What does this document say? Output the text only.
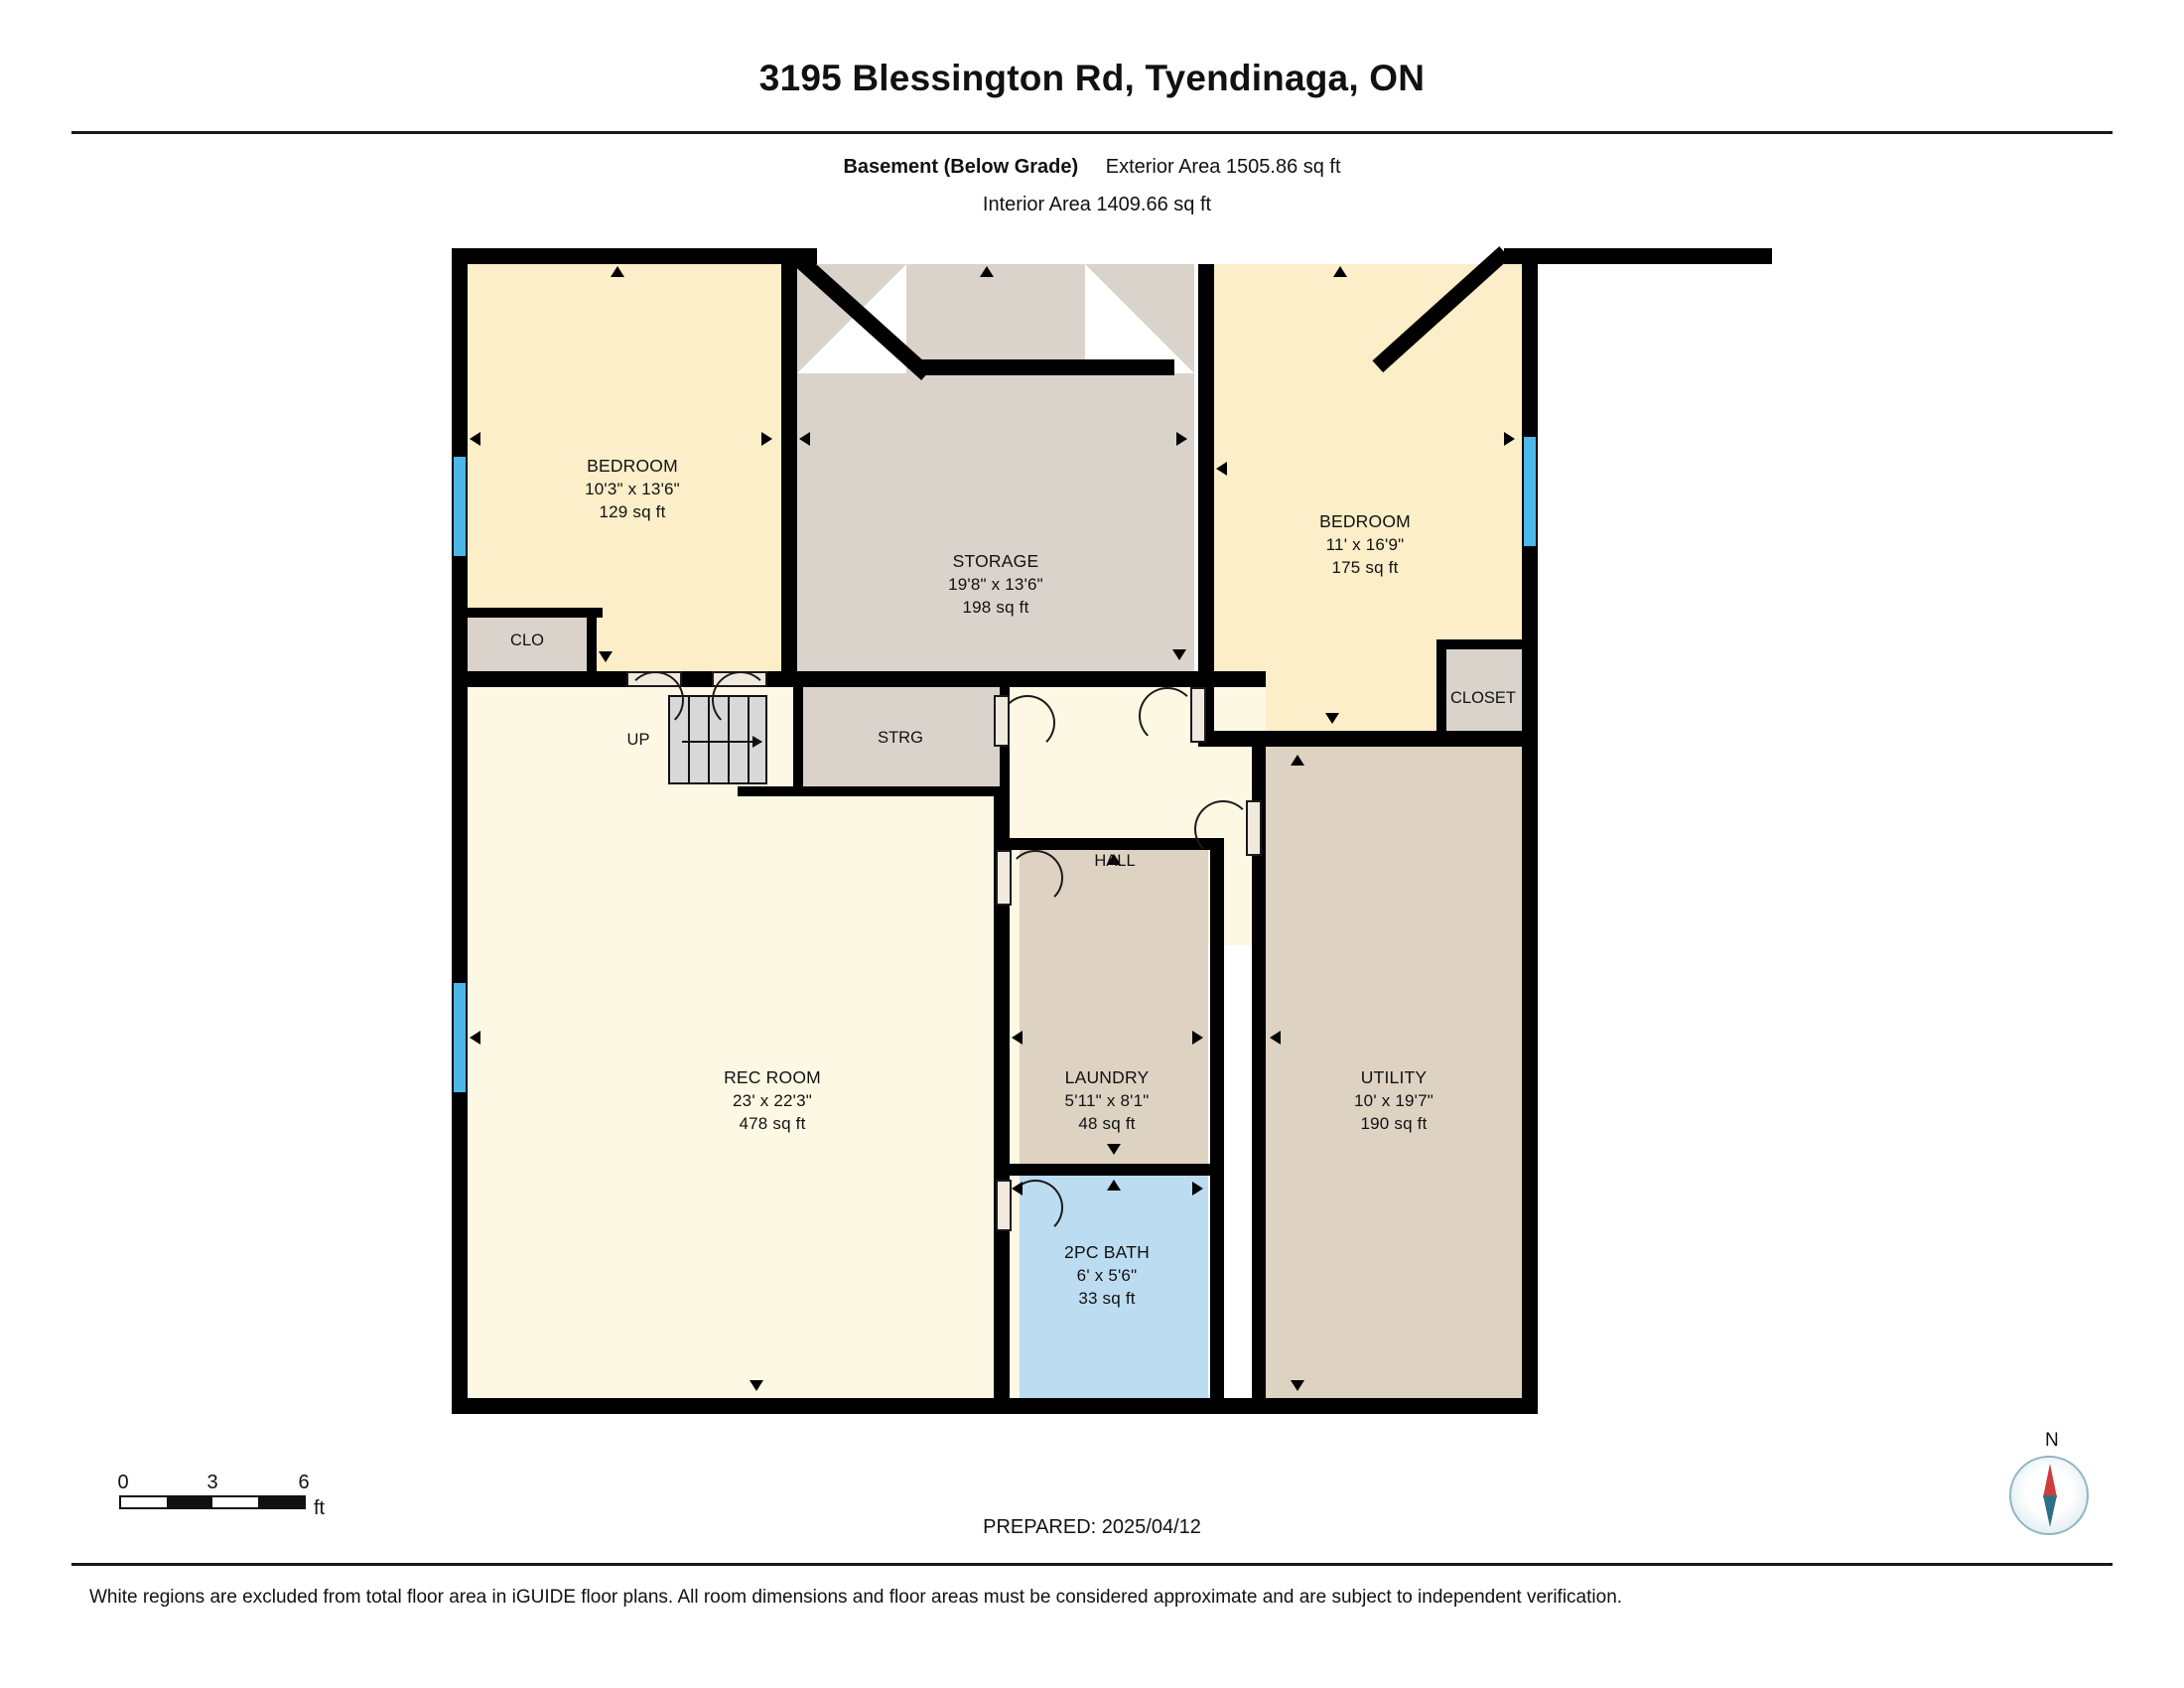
3195 Blessington Rd, Tyendinaga, ON
Basement (Below Grade) Exterior Area 1505.86 sq ft
Interior Area 1409.66 sq ft
UP
BEDROOM
10'3" x 13'6"
129 sq ft
STORAGE
19'8" x 13'6"
198 sq ft
BEDROOM
11' x 16'9"
175 sq ft
REC ROOM
23' x 22'3"
478 sq ft
LAUNDRY
5'11" x 8'1"
48 sq ft
UTILITY
10' x 19'7"
190 sq ft
2PC BATH
6' x 5'6"
33 sq ft
CLO
STRG
CLOSET
HALL
0	3	6
ft
N
PREPARED: 2025/04/12
White regions are excluded from total floor area in iGUIDE floor plans. All room dimensions and floor areas must be considered approximate and are subject to independent verification.
